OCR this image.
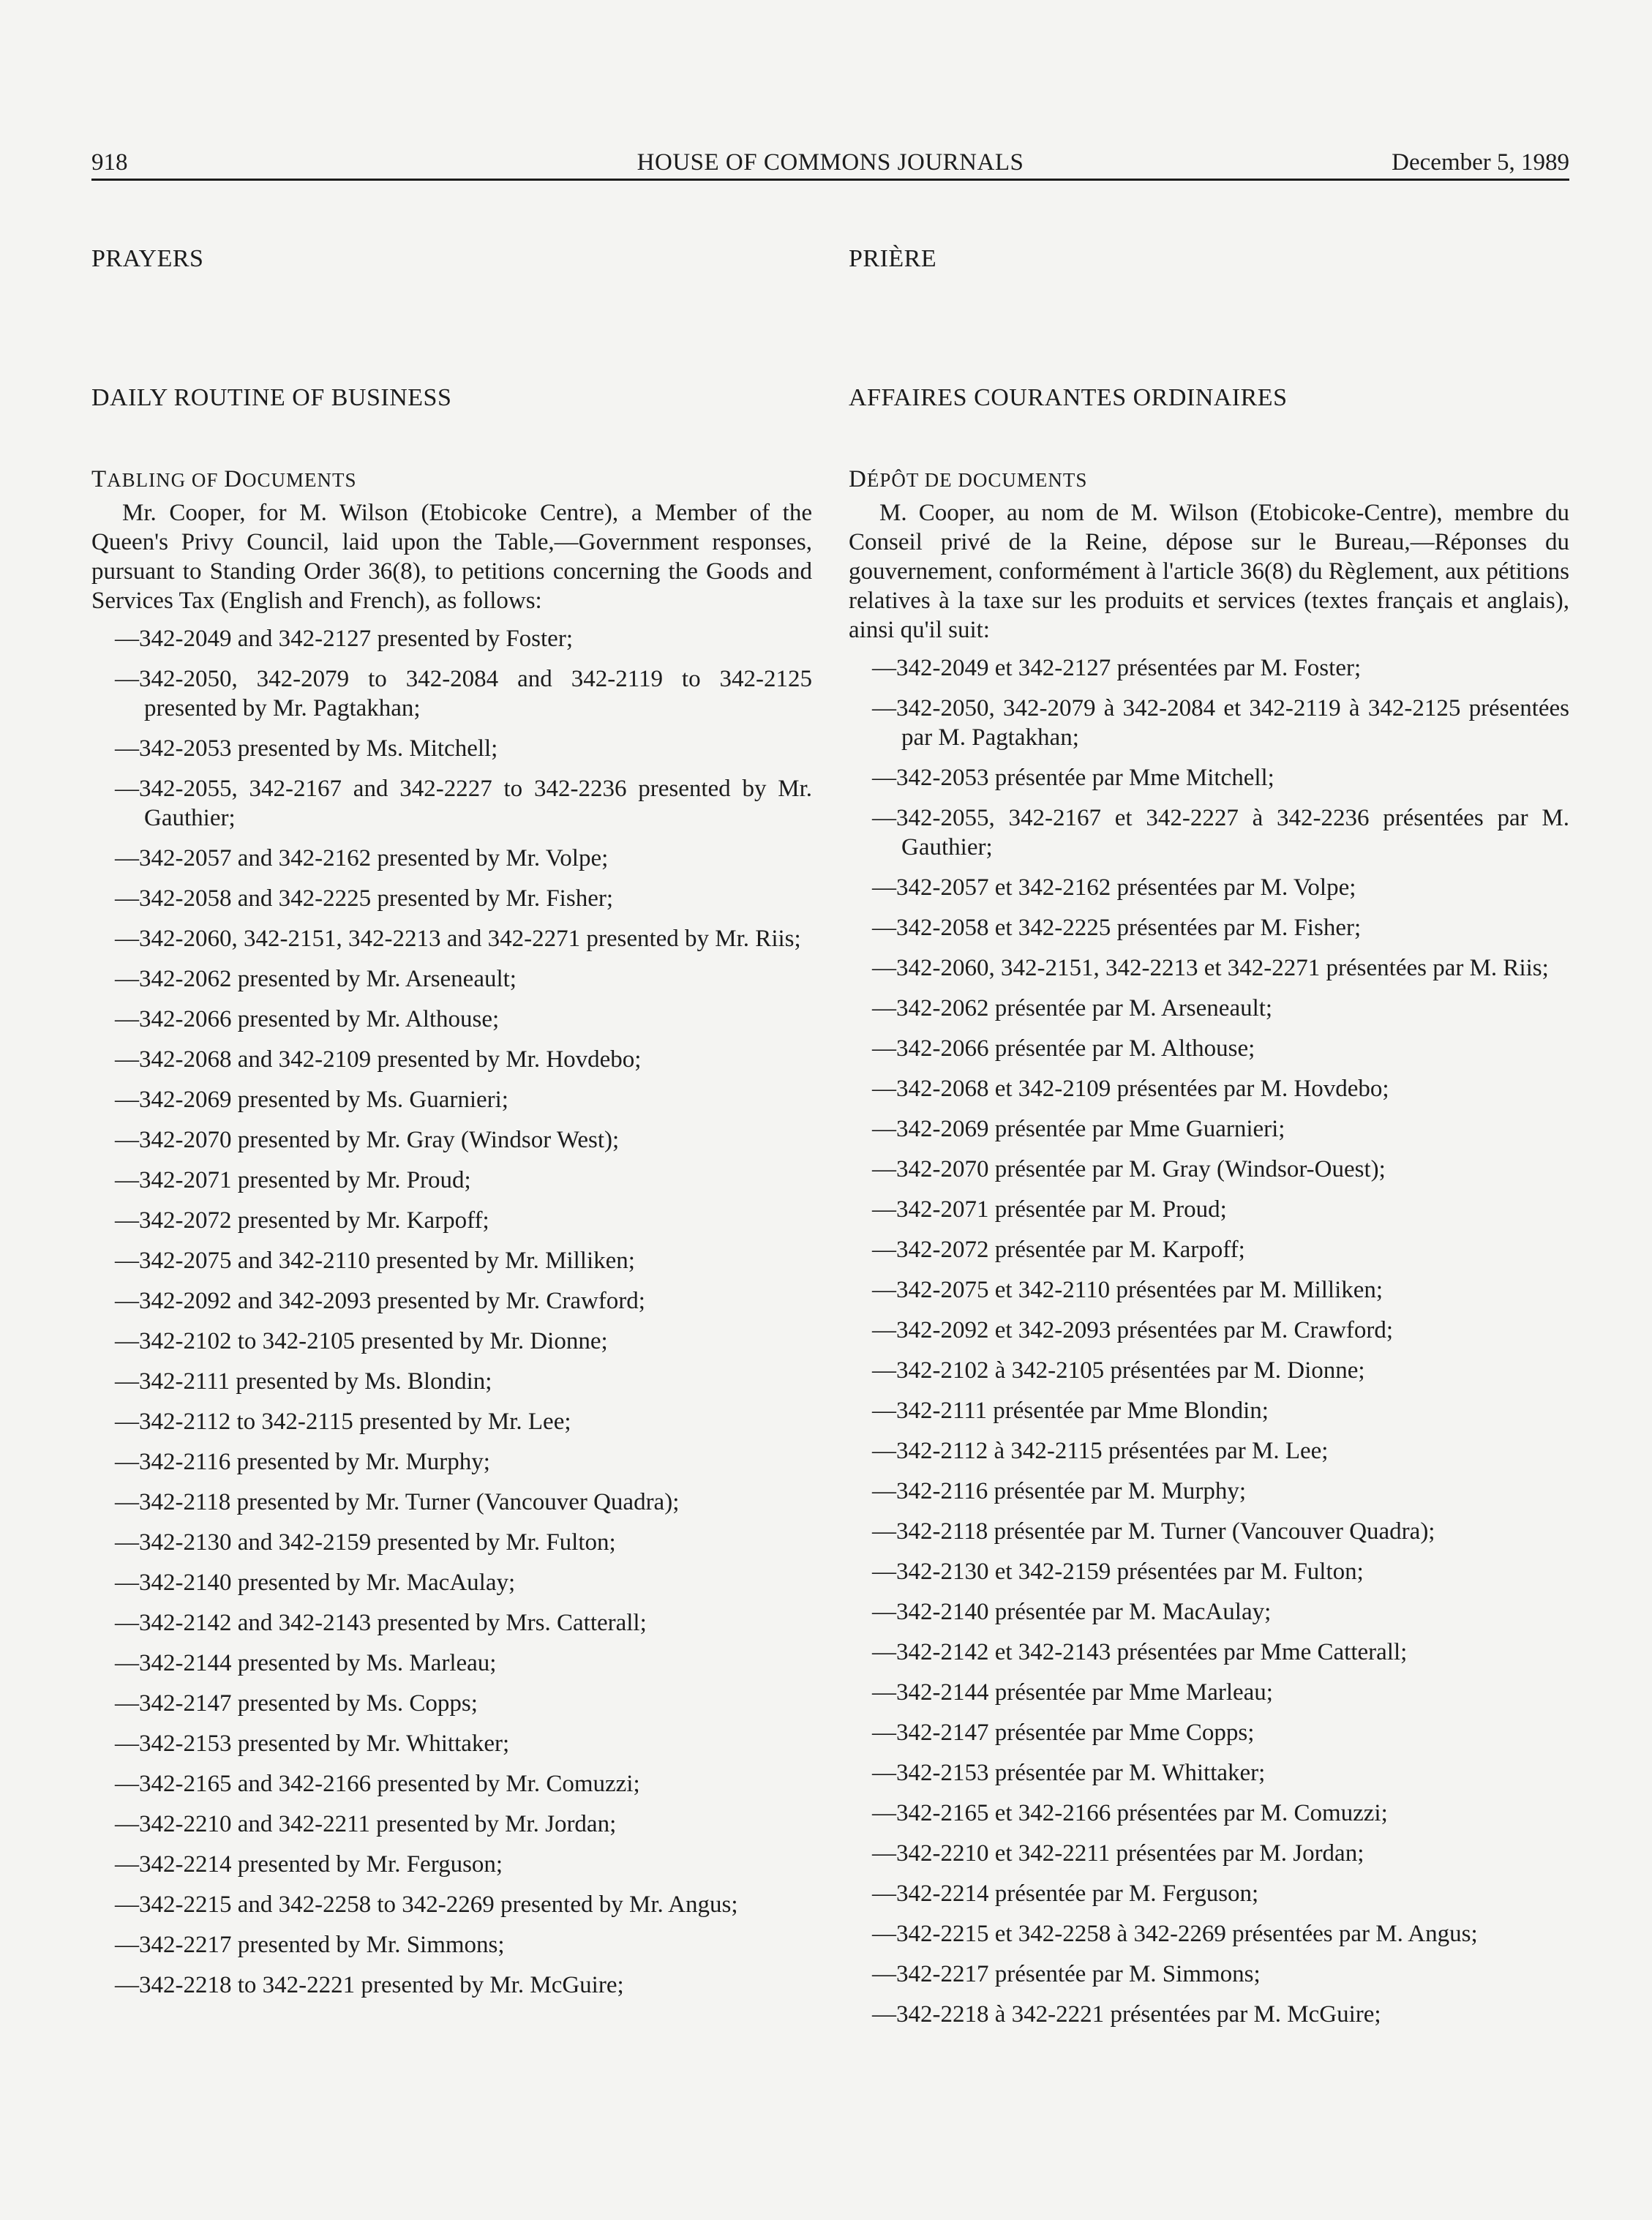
918	HOUSE OF COMMONS JOURNALS	December 5, 1989
PRAYERS
DAILY ROUTINE OF BUSINESS
TABLING OF DOCUMENTS

Mr. Cooper, for M. Wilson (Etobicoke Centre), a Member of the Queen's Privy Council, laid upon the Table,—Government responses, pursuant to Standing Order 36(8), to petitions concerning the Goods and Services Tax (English and French), as follows:

—342-2049 and 342-2127 presented by Foster;
—342-2050, 342-2079 to 342-2084 and 342-2119 to 342-2125 presented by Mr. Pagtakhan;
—342-2053 presented by Ms. Mitchell;
—342-2055, 342-2167 and 342-2227 to 342-2236 presented by Mr. Gauthier;
—342-2057 and 342-2162 presented by Mr. Volpe;
—342-2058 and 342-2225 presented by Mr. Fisher;
—342-2060, 342-2151, 342-2213 and 342-2271 presented by Mr. Riis;
—342-2062 presented by Mr. Arseneault;
—342-2066 presented by Mr. Althouse;
—342-2068 and 342-2109 presented by Mr. Hovdebo;
—342-2069 presented by Ms. Guarnieri;
—342-2070 presented by Mr. Gray (Windsor West);
—342-2071 presented by Mr. Proud;
—342-2072 presented by Mr. Karpoff;
—342-2075 and 342-2110 presented by Mr. Milliken;
—342-2092 and 342-2093 presented by Mr. Crawford;
—342-2102 to 342-2105 presented by Mr. Dionne;
—342-2111 presented by Ms. Blondin;
—342-2112 to 342-2115 presented by Mr. Lee;
—342-2116 presented by Mr. Murphy;
—342-2118 presented by Mr. Turner (Vancouver Quadra);
—342-2130 and 342-2159 presented by Mr. Fulton;
—342-2140 presented by Mr. MacAulay;
—342-2142 and 342-2143 presented by Mrs. Catterall;
—342-2144 presented by Ms. Marleau;
—342-2147 presented by Ms. Copps;
—342-2153 presented by Mr. Whittaker;
—342-2165 and 342-2166 presented by Mr. Comuzzi;
—342-2210 and 342-2211 presented by Mr. Jordan;
—342-2214 presented by Mr. Ferguson;
—342-2215 and 342-2258 to 342-2269 presented by Mr. Angus;
—342-2217 presented by Mr. Simmons;
—342-2218 to 342-2221 presented by Mr. McGuire;
PRIÈRE
AFFAIRES COURANTES ORDINAIRES
DÉPÔT DE DOCUMENTS

M. Cooper, au nom de M. Wilson (Etobicoke-Centre), membre du Conseil privé de la Reine, dépose sur le Bureau,—Réponses du gouvernement, conformément à l'article 36(8) du Règlement, aux pétitions relatives à la taxe sur les produits et services (textes français et anglais), ainsi qu'il suit:

—342-2049 et 342-2127 présentées par M. Foster;
—342-2050, 342-2079 à 342-2084 et 342-2119 à 342-2125 présentées par M. Pagtakhan;
—342-2053 présentée par Mme Mitchell;
—342-2055, 342-2167 et 342-2227 à 342-2236 présentées par M. Gauthier;
—342-2057 et 342-2162 présentées par M. Volpe;
—342-2058 et 342-2225 présentées par M. Fisher;
—342-2060, 342-2151, 342-2213 et 342-2271 présentées par M. Riis;
—342-2062 présentée par M. Arseneault;
—342-2066 présentée par M. Althouse;
—342-2068 et 342-2109 présentées par M. Hovdebo;
—342-2069 présentée par Mme Guarnieri;
—342-2070 présentée par M. Gray (Windsor-Ouest);
—342-2071 présentée par M. Proud;
—342-2072 présentée par M. Karpoff;
—342-2075 et 342-2110 présentées par M. Milliken;
—342-2092 et 342-2093 présentées par M. Crawford;
—342-2102 à 342-2105 présentées par M. Dionne;
—342-2111 présentée par Mme Blondin;
—342-2112 à 342-2115 présentées par M. Lee;
—342-2116 présentée par M. Murphy;
—342-2118 présentée par M. Turner (Vancouver Quadra);
—342-2130 et 342-2159 présentées par M. Fulton;
—342-2140 présentée par M. MacAulay;
—342-2142 et 342-2143 présentées par Mme Catterall;
—342-2144 présentée par Mme Marleau;
—342-2147 présentée par Mme Copps;
—342-2153 présentée par M. Whittaker;
—342-2165 et 342-2166 présentées par M. Comuzzi;
—342-2210 et 342-2211 présentées par M. Jordan;
—342-2214 présentée par M. Ferguson;
—342-2215 et 342-2258 à 342-2269 présentées par M. Angus;
—342-2217 présentée par M. Simmons;
—342-2218 à 342-2221 présentées par M. McGuire;
